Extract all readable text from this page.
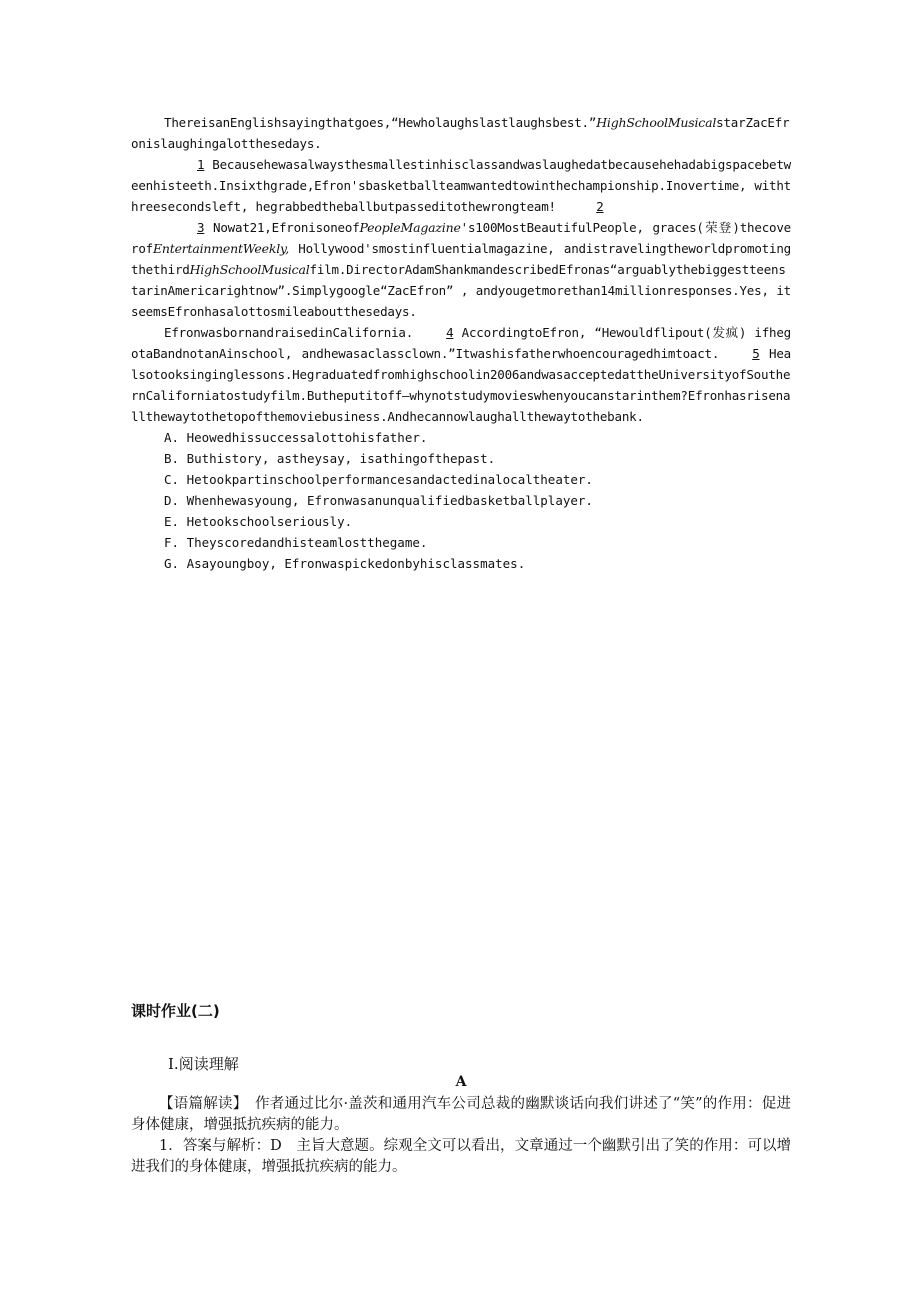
ThereisanEnglishsayingthatgoes,“Hewholaughslastlaughsbest.”HighSchoolMusicalstarZacEfronislaughingalotthesedays.

1 Becausehewasalwaysthesmallestinhisclassandwaslaughedatbecausehehadabigspacebetweenhisteeth.Insixthgrade,Efron'sbasketballteamwantedtowinthechampionship.Inovertime, withthreesecondsleft, hegrabbedtheballbutpasseditothewrongteam!	2

3 Nowat21,EfronisoneofPeopleMagazine's100MostBeautifulPeople, graces(荣登)thecoverofEntertainmentWeekly, Hollywood'smostinfluentialmagazine, andistravelingtheworldpromotingthethirdHighSchoolMusicalfilm.DirectorAdamShankmandescribedEfronas“arguablythebiggestteenstarinAmericarightnow”.Simplygoogle“ZacEfron” , andyougetmorethan14millionresponses.Yes, itseemsEfronhasalottosmileaboutthesedays.

EfronwasbornandraisedinCalifornia.	4 AccordingtoEfron, “Hewouldflipout(发疯) ifhegotaBandnotanAinschool, andhewasaclassclown.”Itwashisfatherwhoencouragedhimtoact.	5 Healsotooksinginglessons.Hegraduatedfromhighschoolin2006andwasacceptedattheUniversityofSouthernCaliforniatostudyfilm.Butheputitoff—whynotstudymovieswhenyoucanstarinthem?Efronhasrisenallthewaytothetopofthemoviebusiness.Andhecannowlaughallthewaytothebank.

A. Heowedhissuccessalottohisfather.
B. Buthistory, astheysay, isathingofthepast.
C. Hetookpartinschoolperformancesandactedinalocaltheater.
D. Whenhewasyoung, Efronwasanunqualifiedbasketballplayer.
E. Hetookschoolseriously.
F. Theyscoredandhisteamlostthegame.
G. Asayoungboy, Efronwaspickedonbyhisclassmates.
课时作业(二)
Ⅰ.阅读理解
A

【语篇解读】　作者通过比尔·盖茨和通用汽车公司总裁的幽默谈话向我们讲述了“笑”的作用：促进身体健康，增强抵抗疾病的能力。

1．答案与解析：D　主旨大意题。综观全文可以看出，文章通过一个幽默引出了笑的作用：可以增进我们的身体健康，增强抵抗疾病的能力。
